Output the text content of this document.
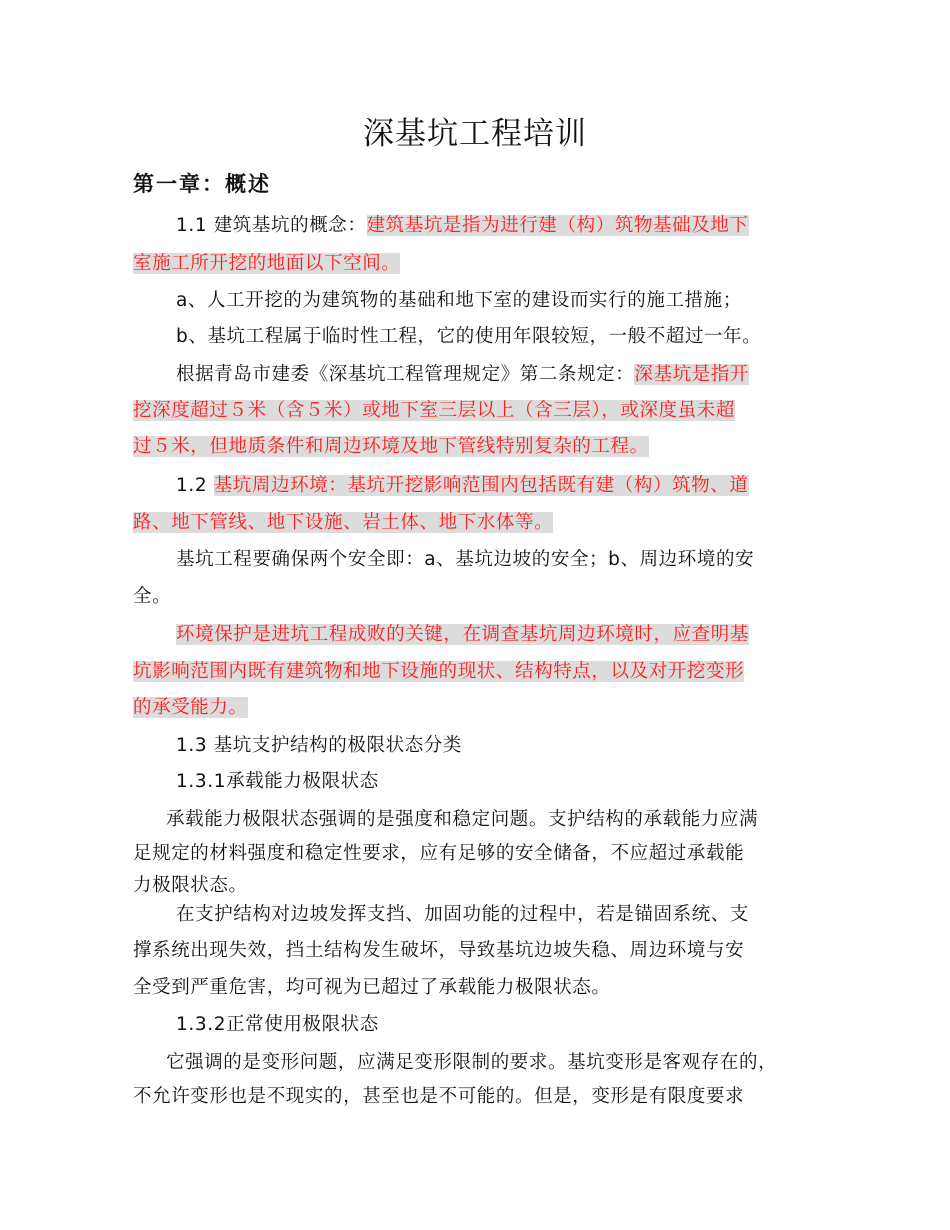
深基坑工程培训
第一章：概述
1.1 建筑基坑的概念：建筑基坑是指为进行建（构）筑物基础及地下
室施工所开挖的地面以下空间。
a、人工开挖的为建筑物的基础和地下室的建设而实行的施工措施；
b、基坑工程属于临时性工程，它的使用年限较短，一般不超过一年。
根据青岛市建委《深基坑工程管理规定》第二条规定：深基坑是指开
挖深度超过５米（含５米）或地下室三层以上（含三层），或深度虽未超
过５米，但地质条件和周边环境及地下管线特别复杂的工程。
1.2 基坑周边环境：基坑开挖影响范围内包括既有建（构）筑物、道
路、地下管线、地下设施、岩土体、地下水体等。
基坑工程要确保两个安全即：a、基坑边坡的安全；b、周边环境的安
全。
环境保护是进坑工程成败的关键，在调查基坑周边环境时，应查明基
坑影响范围内既有建筑物和地下设施的现状、结构特点，以及对开挖变形
的承受能力。
1.3 基坑支护结构的极限状态分类
1.3.1承载能力极限状态
承载能力极限状态强调的是强度和稳定问题。支护结构的承载能力应满
足规定的材料强度和稳定性要求，应有足够的安全储备，不应超过承载能
力极限状态。
在支护结构对边坡发挥支挡、加固功能的过程中，若是锚固系统、支
撑系统出现失效，挡土结构发生破坏，导致基坑边坡失稳、周边环境与安
全受到严重危害，均可视为已超过了承载能力极限状态。
1.3.2正常使用极限状态
它强调的是变形问题，应满足变形限制的要求。基坑变形是客观存在的，
不允许变形也是不现实的，甚至也是不可能的。但是，变形是有限度要求
